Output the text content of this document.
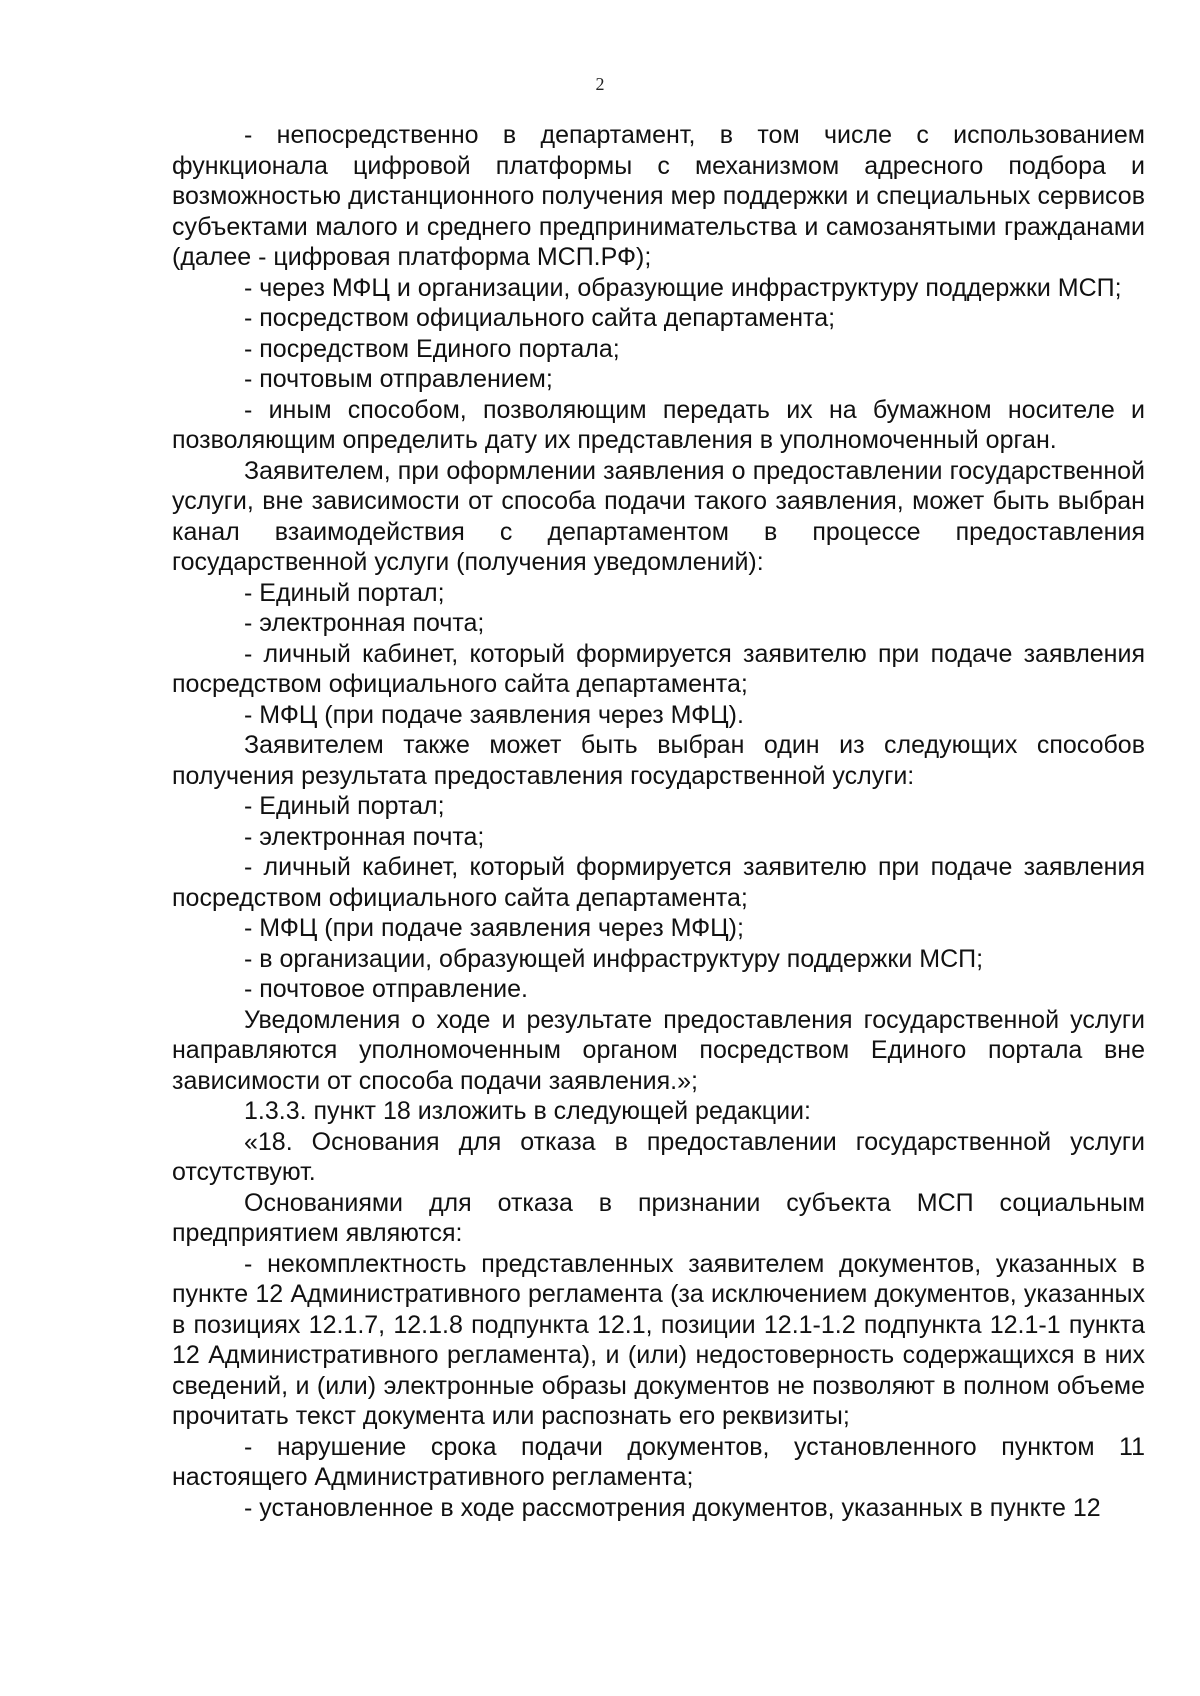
2

- непосредственно в департамент, в том числе с использованием функционала цифровой платформы с механизмом адресного подбора и возможностью дистанционного получения мер поддержки и специальных сервисов субъектами малого и среднего предпринимательства и самозанятыми гражданами (далее - цифровая платформа МСП.РФ);

- через МФЦ и организации, образующие инфраструктуру поддержки МСП;

- посредством официального сайта департамента;

- посредством Единого портала;

- почтовым отправлением;

- иным способом, позволяющим передать их на бумажном носителе и позволяющим определить дату их представления в уполномоченный орган.

Заявителем, при оформлении заявления о предоставлении государственной услуги, вне зависимости от способа подачи такого заявления, может быть выбран канал взаимодействия с департаментом в процессе предоставления государственной услуги (получения уведомлений):

- Единый портал;

- электронная почта;

- личный кабинет, который формируется заявителю при подаче заявления посредством официального сайта департамента;

- МФЦ (при подаче заявления через МФЦ).

Заявителем также может быть выбран один из следующих способов получения результата предоставления государственной услуги:

- Единый портал;

- электронная почта;

- личный кабинет, который формируется заявителю при подаче заявления посредством официального сайта департамента;

- МФЦ (при подаче заявления через МФЦ);

- в организации, образующей инфраструктуру поддержки МСП;

- почтовое отправление.

Уведомления о ходе и результате предоставления государственной услуги направляются уполномоченным органом посредством Единого портала вне зависимости от способа подачи заявления.»;

1.3.3. пункт 18 изложить в следующей редакции:

«18. Основания для отказа в предоставлении государственной услуги отсутствуют.

Основаниями для отказа в признании субъекта МСП социальным предприятием являются:

- некомплектность представленных заявителем документов, указанных в пункте 12 Административного регламента (за исключением документов, указанных в позициях 12.1.7, 12.1.8 подпункта 12.1, позиции 12.1-1.2 подпункта 12.1-1 пункта 12 Административного регламента), и (или) недостоверность содержащихся в них сведений, и (или) электронные образы документов не позволяют в полном объеме прочитать текст документа или распознать его реквизиты;

- нарушение срока подачи документов, установленного пунктом 11 настоящего Административного регламента;

- установленное в ходе рассмотрения документов, указанных в пункте 12
